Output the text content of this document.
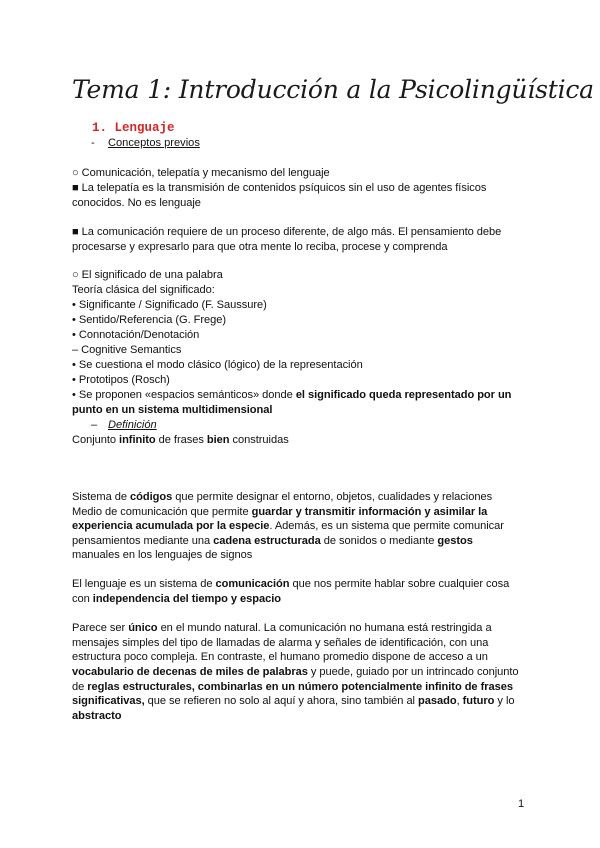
Tema 1: Introducción a la Psicolingüística
1. Lenguaje
- Conceptos previos
○ Comunicación, telepatía y mecanismo del lenguaje
■ La telepatía es la transmisión de contenidos psíquicos sin el uso de agentes físicos
conocidos. No es lenguaje
■ La comunicación requiere de un proceso diferente, de algo más. El pensamiento debe
procesarse y expresarlo para que otra mente lo reciba, procese y comprenda
○ El significado de una palabra
Teoría clásica del significado:
• Significante / Significado (F. Saussure)
• Sentido/Referencia (G. Frege)
• Connotación/Denotación
– Cognitive Semantics
• Se cuestiona el modo clásico (lógico) de la representación
• Prototipos (Rosch)
• Se proponen «espacios semánticos» donde el significado queda representado por un
punto en un sistema multidimensional
– Definición
Conjunto infinito de frases bien construidas
Sistema de códigos que permite designar el entorno, objetos, cualidades y relaciones
Medio de comunicación que permite guardar y transmitir información y asimilar la
experiencia acumulada por la especie. Además, es un sistema que permite comunicar
pensamientos mediante una cadena estructurada de sonidos o mediante gestos
manuales en los lenguajes de signos
El lenguaje es un sistema de comunicación que nos permite hablar sobre cualquier cosa
con independencia del tiempo y espacio
Parece ser único en el mundo natural. La comunicación no humana está restringida a
mensajes simples del tipo de llamadas de alarma y señales de identificación, con una
estructura poco compleja. En contraste, el humano promedio dispone de acceso a un
vocabulario de decenas de miles de palabras y puede, guiado por un intrincado conjunto
de reglas estructurales, combinarlas en un número potencialmente infinito de frases
significativas, que se refieren no solo al aquí y ahora, sino también al pasado, futuro y lo
abstracto
1
